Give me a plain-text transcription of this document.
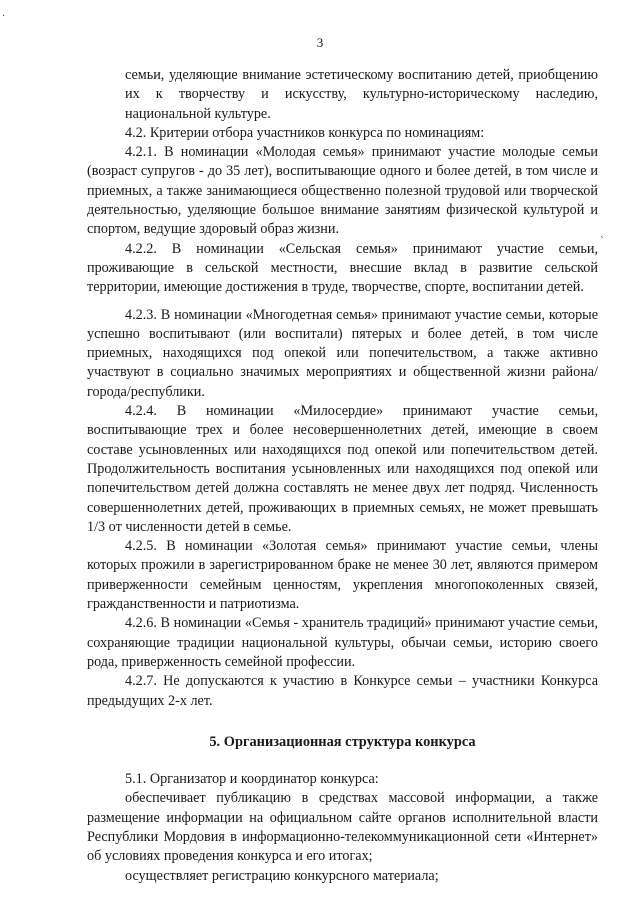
3

семьи, уделяющие внимание эстетическому воспитанию детей, приобщению их к творчеству и искусству, культурно-историческому наследию, национальной культуре.

4.2. Критерии отбора участников конкурса по номинациям:

4.2.1. В номинации «Молодая семья» принимают участие молодые семьи (возраст супругов - до 35 лет), воспитывающие одного и более детей, в том числе и приемных, а также занимающиеся общественно полезной трудовой или творческой деятельностью, уделяющие большое внимание занятиям физической культурой и спортом, ведущие здоровый образ жизни.

4.2.2. В номинации «Сельская семья» принимают участие семьи, проживающие в сельской местности, внесшие вклад в развитие сельской территории, имеющие достижения в труде, творчестве, спорте, воспитании детей.

4.2.3. В номинации «Многодетная семья» принимают участие семьи, которые успешно воспитывают (или воспитали) пятерых и более детей, в том числе приемных, находящихся под опекой или попечительством, а также активно участвуют в социально значимых мероприятиях и общественной жизни района/города/республики.

4.2.4. В номинации «Милосердие» принимают участие семьи, воспитывающие трех и более несовершеннолетних детей, имеющие в своем составе усыновленных или находящихся под опекой или попечительством детей. Продолжительность воспитания усыновленных или находящихся под опекой или попечительством детей должна составлять не менее двух лет подряд. Численность совершеннолетних детей, проживающих в приемных семьях, не может превышать 1/3 от численности детей в семье.

4.2.5. В номинации «Золотая семья» принимают участие семьи, члены которых прожили в зарегистрированном браке не менее 30 лет, являются примером приверженности семейным ценностям, укрепления многопоколенных связей, гражданственности и патриотизма.

4.2.6. В номинации «Семья - хранитель традиций» принимают участие семьи, сохраняющие традиции национальной культуры, обычаи семьи, историю своего рода, приверженность семейной профессии.

4.2.7. Не допускаются к участию в Конкурсе семьи – участники Конкурса предыдущих 2-х лет.

5. Организационная структура конкурса

5.1. Организатор и координатор конкурса:

обеспечивает публикацию в средствах массовой информации, а также размещение информации на официальном сайте органов исполнительной власти Республики Мордовия в информационно-телекоммуникационной сети «Интернет» об условиях проведения конкурса и его итогах;

осуществляет регистрацию конкурсного материала;

`
.
